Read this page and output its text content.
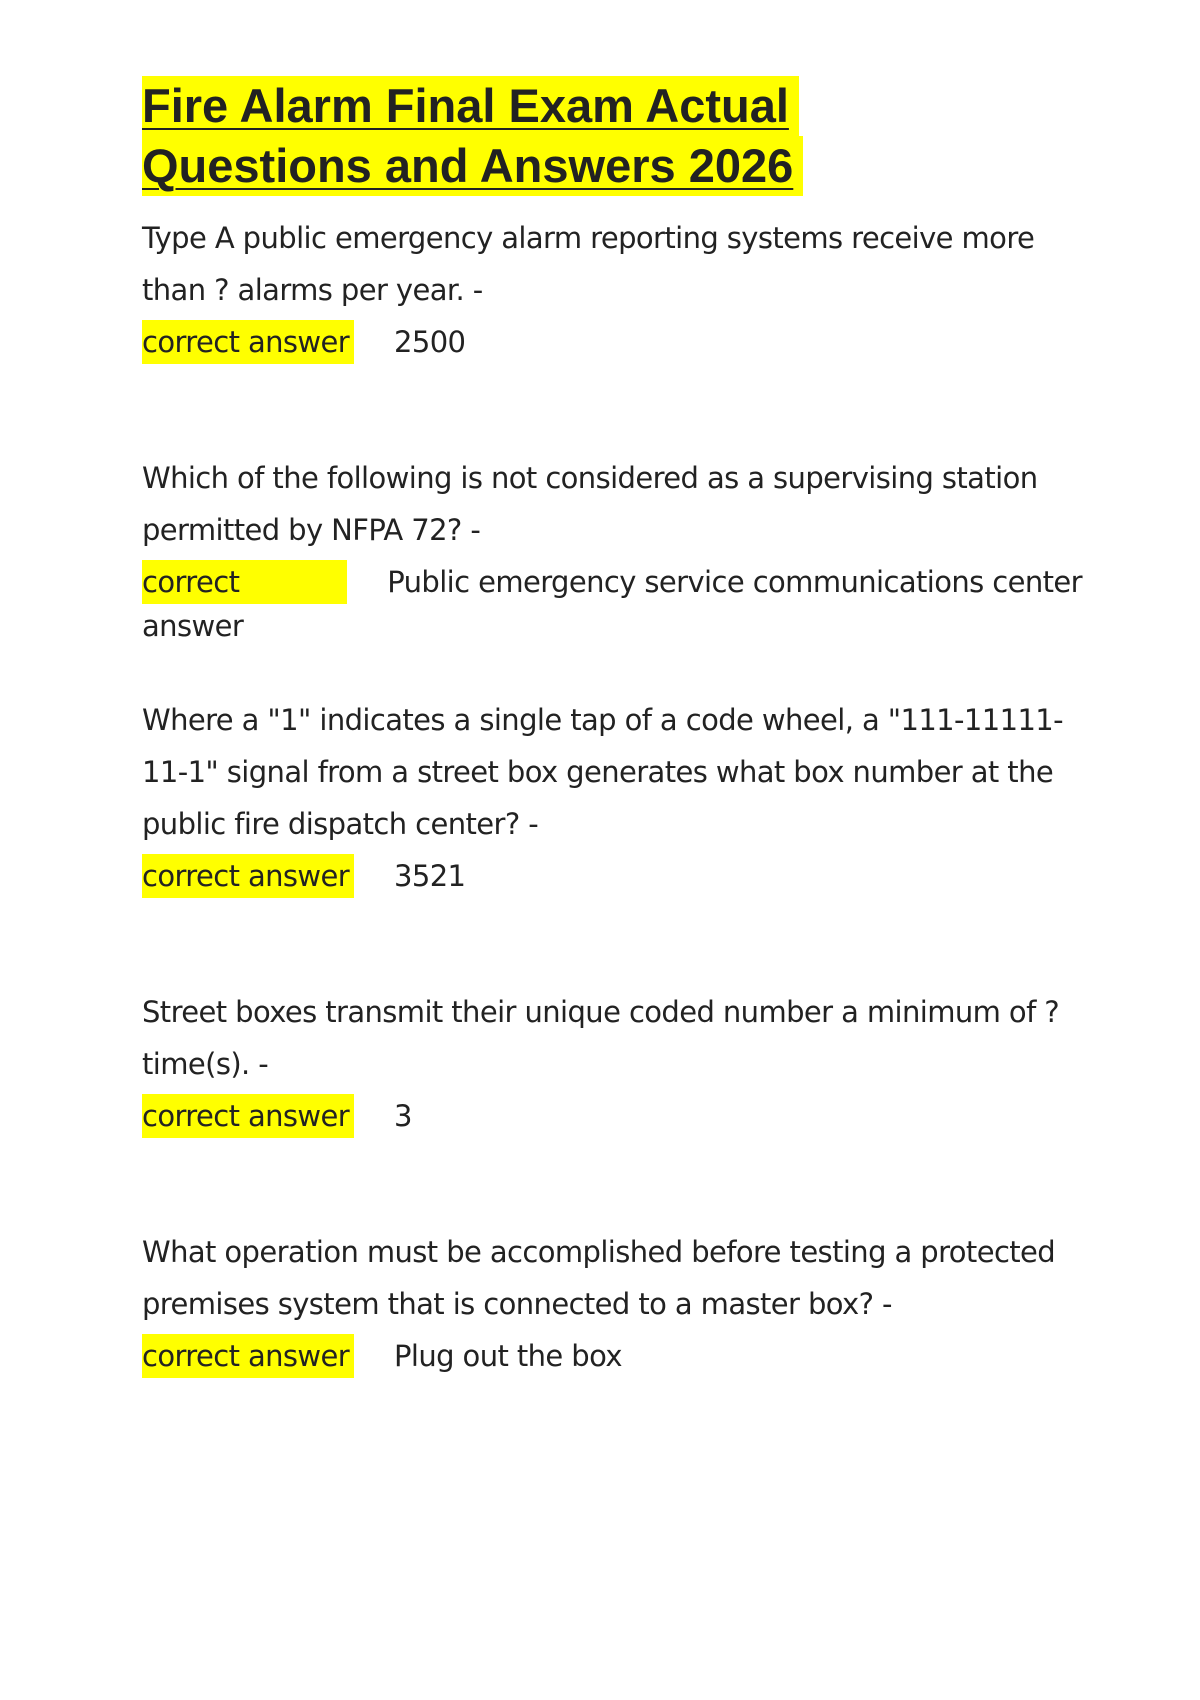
Fire Alarm Final Exam Actual
Questions and Answers 2026

Type A public emergency alarm reporting systems receive more than ? alarms per year. -

correct answer 2500

Which of the following is not considered as a supervising station permitted by NFPA 72? -

correct answer
Public emergency service communications center

Where a "1" indicates a single tap of a code wheel, a "111-11111-11-1" signal from a street box generates what box number at the public fire dispatch center? -

correct answer 3521

Street boxes transmit their unique coded number a minimum of ? time(s). -

correct answer 3

What operation must be accomplished before testing a protected premises system that is connected to a master box? -

correct answer Plug out the box
